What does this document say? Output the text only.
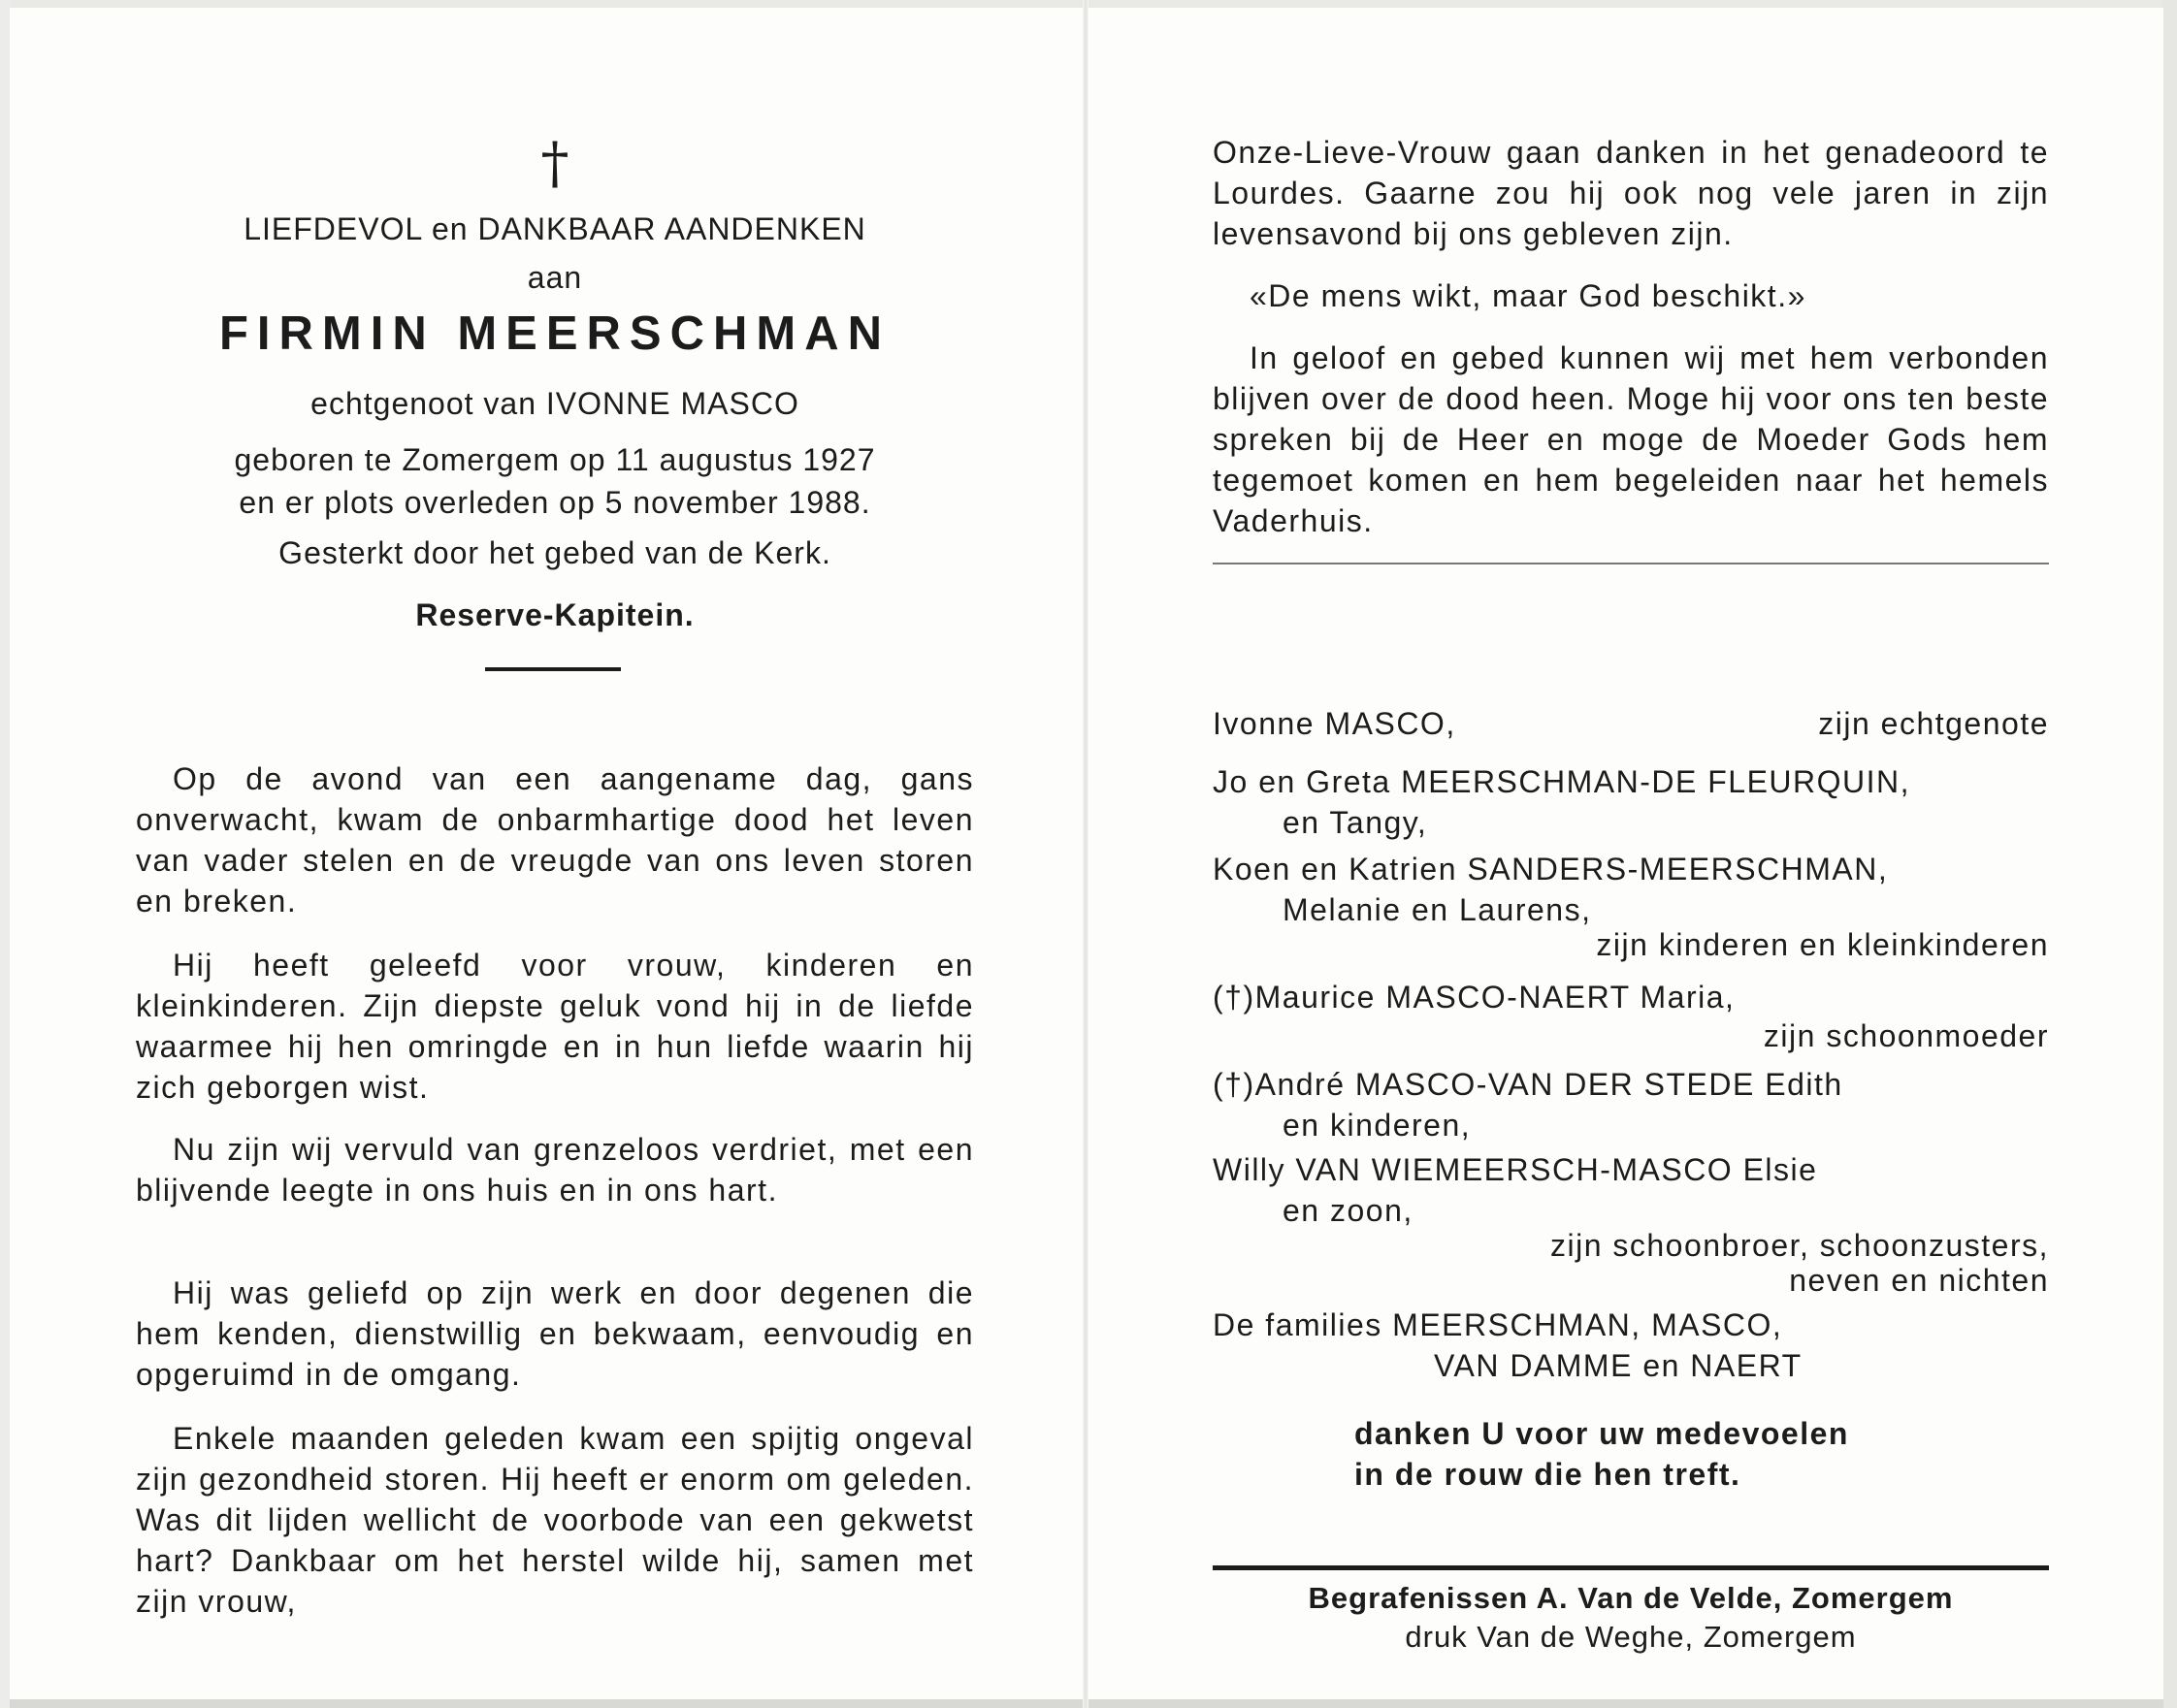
†
LIEFDEVOL en DANKBAAR AANDENKEN
aan
FIRMIN MEERSCHMAN
echtgenoot van IVONNE MASCO
geboren te Zomergem op 11 augustus 1927
en er plots overleden op 5 november 1988.
Gesterkt door het gebed van de Kerk.
Reserve-Kapitein.

Op de avond van een aangename dag, gans onverwacht, kwam de onbarmhartige dood het leven van vader stelen en de vreugde van ons leven storen en breken.

Hij heeft geleefd voor vrouw, kinderen en kleinkinderen. Zijn diepste geluk vond hij in de liefde waarmee hij hen omringde en in hun liefde waarin hij zich geborgen wist.

Nu zijn wij vervuld van grenzeloos verdriet, met een blijvende leegte in ons huis en in ons hart.

Hij was geliefd op zijn werk en door degenen die hem kenden, dienstwillig en bekwaam, eenvoudig en opgeruimd in de omgang.

Enkele maanden geleden kwam een spijtig ongeval zijn gezondheid storen. Hij heeft er enorm om geleden. Was dit lijden wellicht de voorbode van een gekwetst hart? Dankbaar om het herstel wilde hij, samen met zijn vrouw,

Onze-Lieve-Vrouw gaan danken in het genadeoord te Lourdes. Gaarne zou hij ook nog vele jaren in zijn levensavond bij ons gebleven zijn.

«De mens wikt, maar God beschikt.»

In geloof en gebed kunnen wij met hem verbonden blijven over de dood heen. Moge hij voor ons ten beste spreken bij de Heer en moge de Moeder Gods hem tegemoet komen en hem begeleiden naar het hemels Vaderhuis.

Ivonne MASCO,	zijn echtgenote
Jo en Greta MEERSCHMAN-DE FLEURQUIN,
en Tangy,
Koen en Katrien SANDERS-MEERSCHMAN,
Melanie en Laurens,
zijn kinderen en kleinkinderen
(†)Maurice MASCO-NAERT Maria,
zijn schoonmoeder
(†)André MASCO-VAN DER STEDE Edith
en kinderen,
Willy VAN WIEMEERSCH-MASCO Elsie
en zoon,
zijn schoonbroer, schoonzusters,
neven en nichten
De families MEERSCHMAN, MASCO,
VAN DAMME en NAERT
danken U voor uw medevoelen
in de rouw die hen treft.
Begrafenissen A. Van de Velde, Zomergem
druk Van de Weghe, Zomergem
